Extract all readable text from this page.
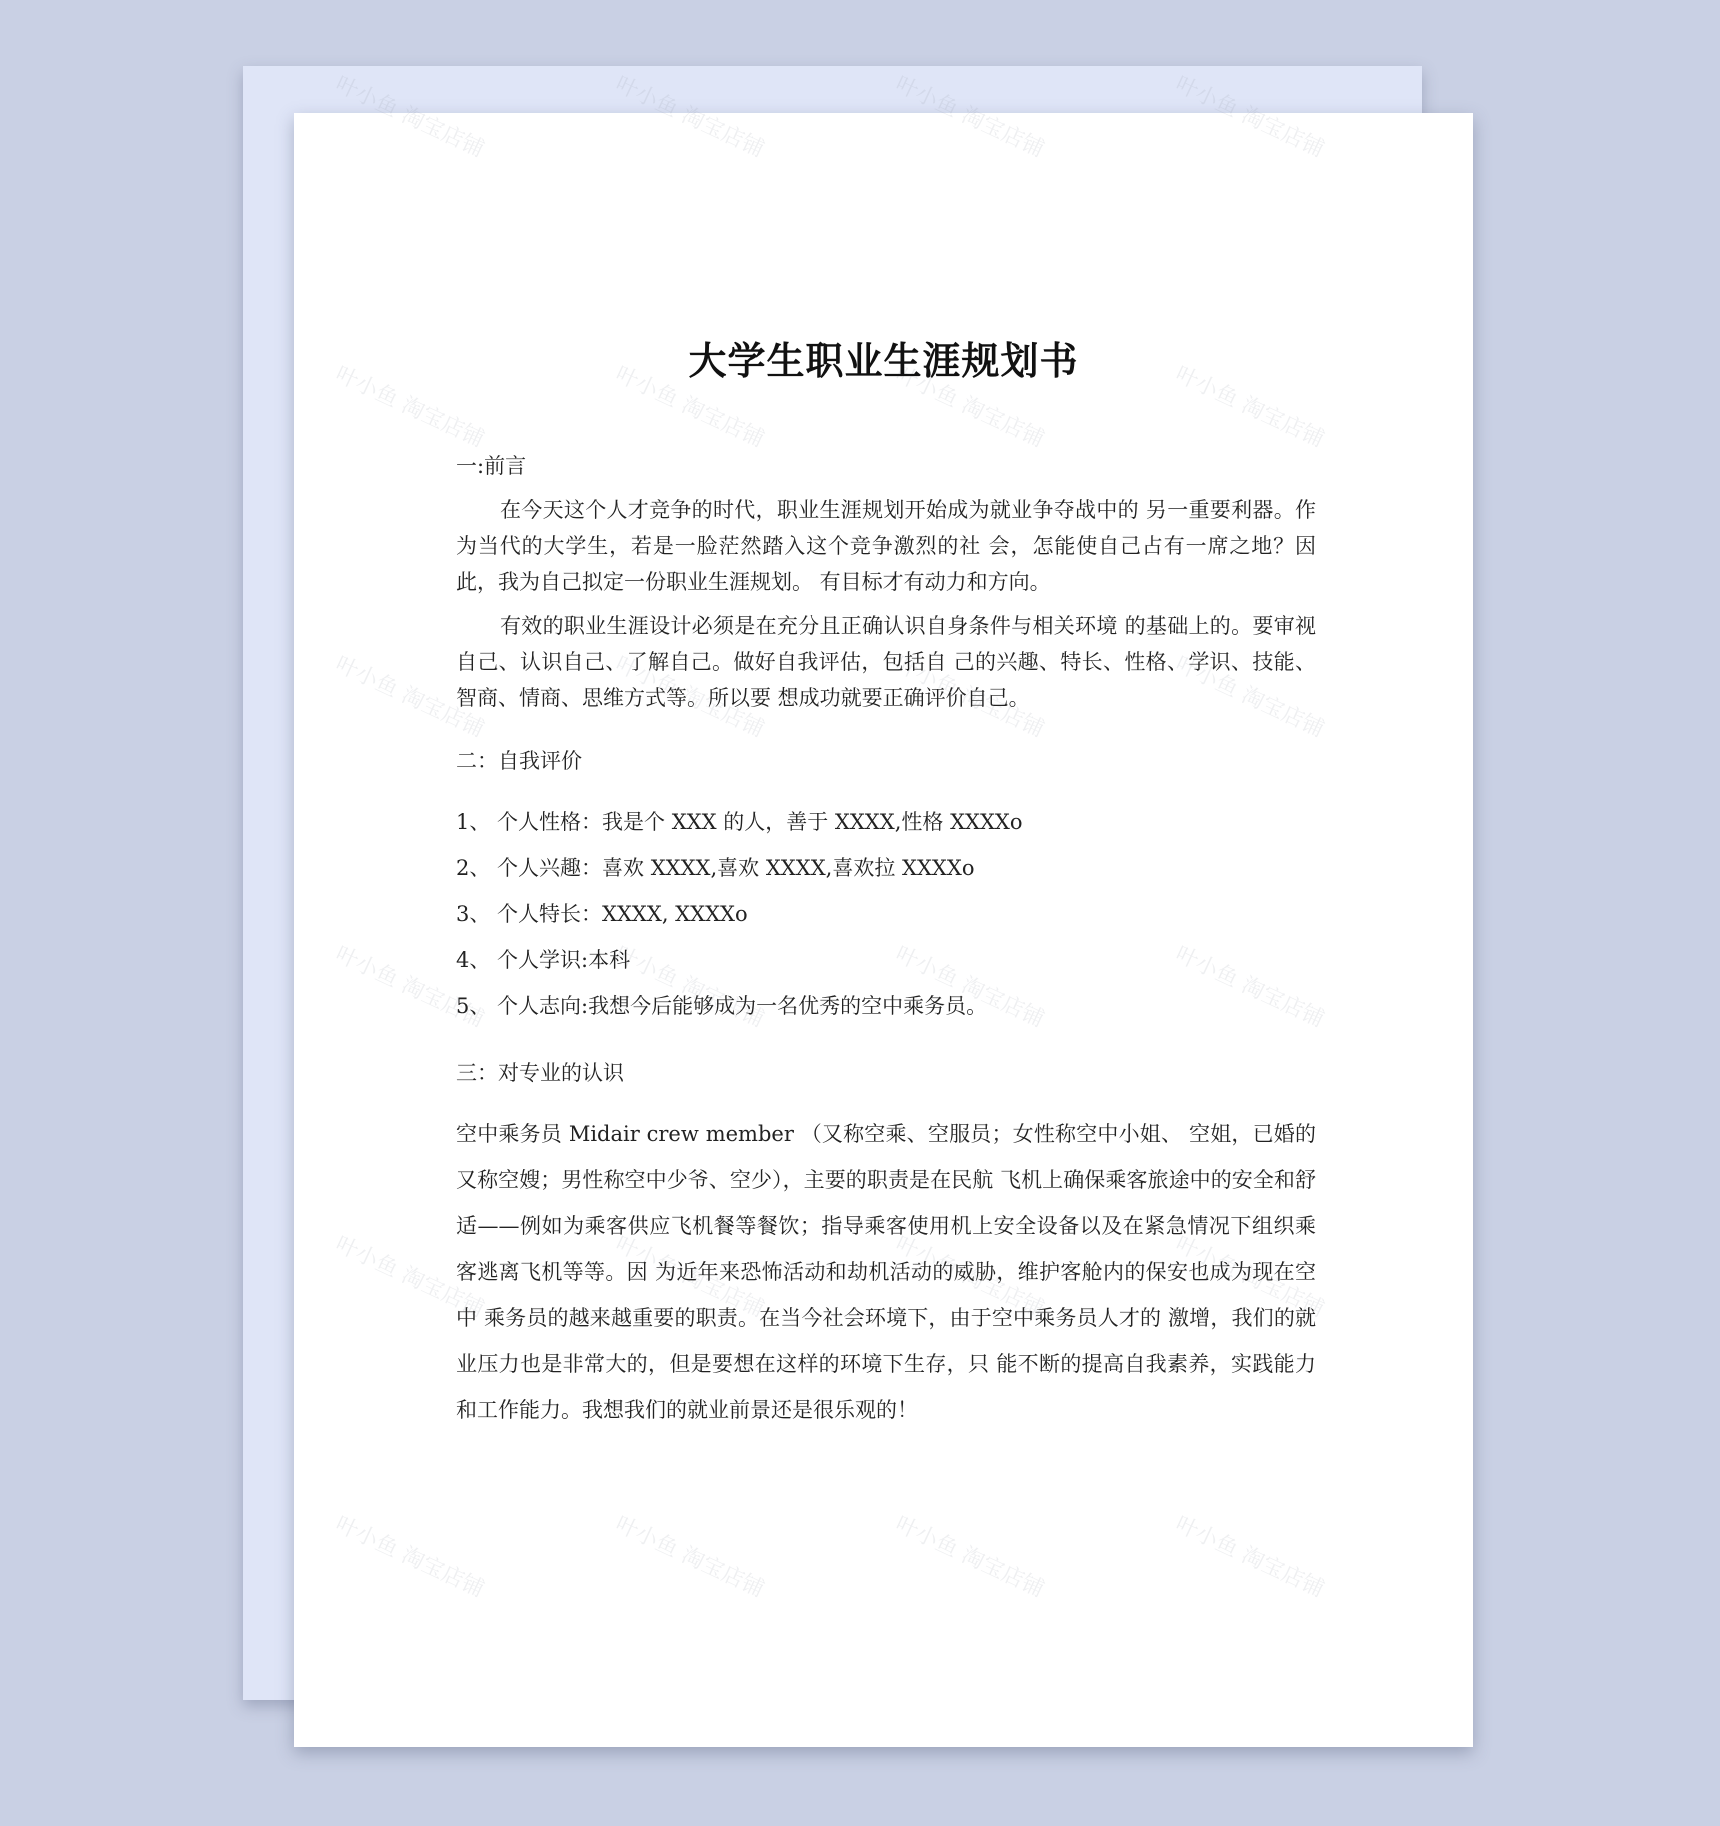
大学生职业生涯规划书

一:前言

在今天这个人才竞争的时代，职业生涯规划开始成为就业争夺战中的 另一重要利器。作为当代的大学生，若是一脸茫然踏入这个竞争激烈的社 会，怎能使自己占有一席之地？因此，我为自己拟定一份职业生涯规划。 有目标才有动力和方向。

有效的职业生涯设计必须是在充分且正确认识自身条件与相关环境 的基础上的。要审视自己、认识自己、了解自己。做好自我评估，包括自 己的兴趣、特长、性格、学识、技能、智商、情商、思维方式等。所以要 想成功就要正确评价自己。

二：自我评价

1、 个人性格：我是个 XXX 的人，善于 XXXX,性格 XXXXo

2、 个人兴趣：喜欢 XXXX,喜欢 XXXX,喜欢拉 XXXXo

3、 个人特长：XXXX, XXXXo

4、 个人学识:本科

5、 个人志向:我想今后能够成为一名优秀的空中乘务员。

三：对专业的认识

空中乘务员 Midair crew member （又称空乘、空服员；女性称空中小姐、 空姐，已婚的又称空嫂；男性称空中少爷、空少），主要的职责是在民航 飞机上确保乘客旅途中的安全和舒适——例如为乘客供应飞机餐等餐饮；指导乘客使用机上安全设备以及在紧急情况下组织乘客逃离飞机等等。因 为近年来恐怖活动和劫机活动的威胁，维护客舱内的保安也成为现在空中 乘务员的越来越重要的职责。在当今社会环境下，由于空中乘务员人才的 激增，我们的就业压力也是非常大的，但是要想在这样的环境下生存，只 能不断的提高自我素养，实践能力和工作能力。我想我们的就业前景还是很乐观的！
